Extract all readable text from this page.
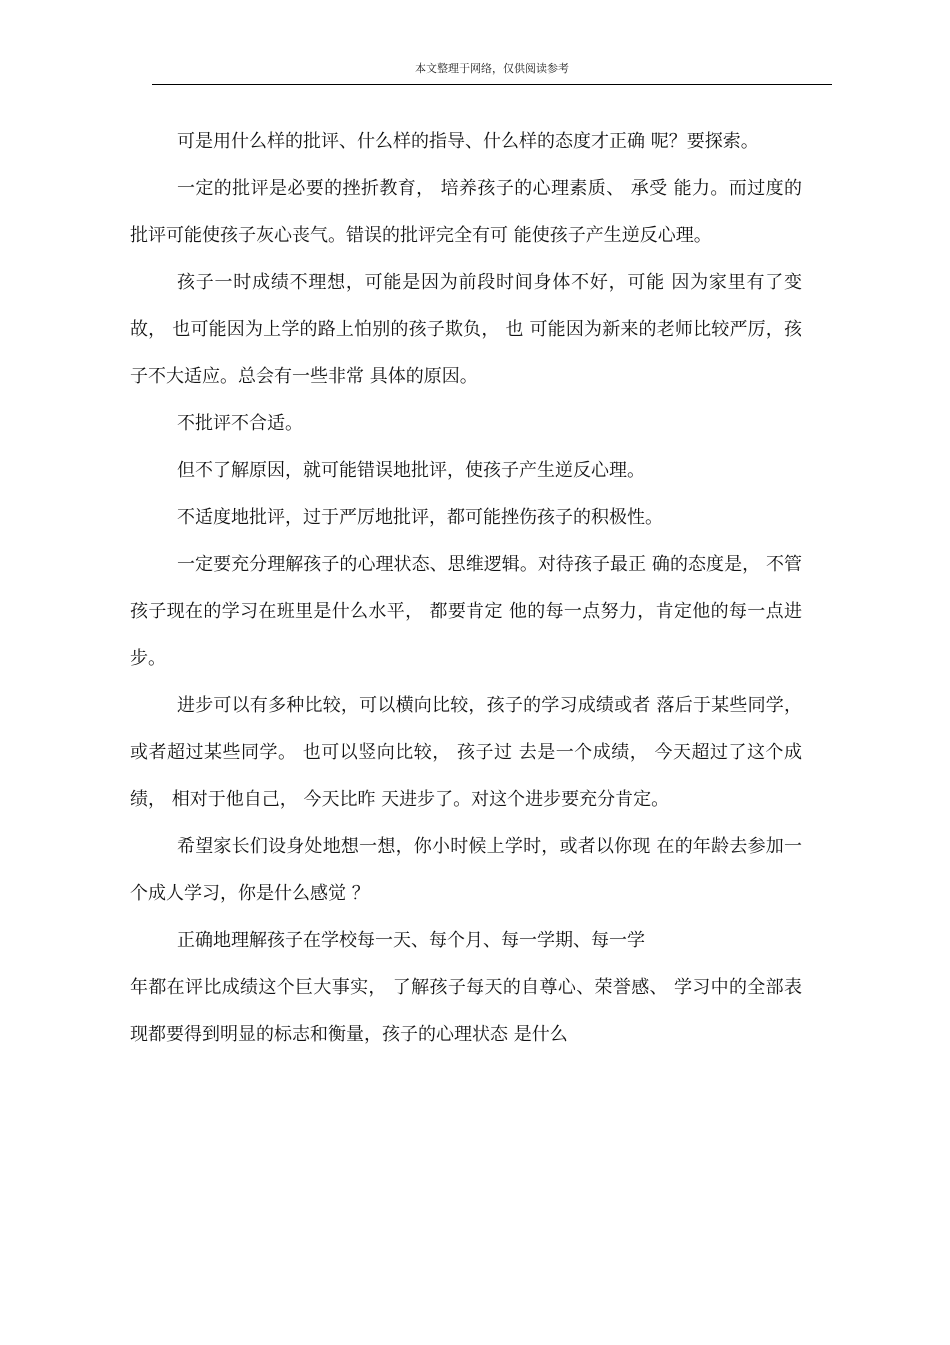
本文整理于网络，仅供阅读参考

可是用什么样的批评、什么样的指导、什么样的态度才正确 呢？要探索。

一定的批评是必要的挫折教育， 培养孩子的心理素质、 承受 能力。而过度的批评可能使孩子灰心丧气。错误的批评完全有可 能使孩子产生逆反心理。

孩子一时成绩不理想，可能是因为前段时间身体不好，可能 因为家里有了变故， 也可能因为上学的路上怕别的孩子欺负， 也 可能因为新来的老师比较严厉，孩子不大适应。总会有一些非常 具体的原因。

不批评不合适。

但不了解原因，就可能错误地批评，使孩子产生逆反心理。

不适度地批评，过于严厉地批评，都可能挫伤孩子的积极性。

一定要充分理解孩子的心理状态、思维逻辑。对待孩子最正 确的态度是， 不管孩子现在的学习在班里是什么水平， 都要肯定 他的每一点努力，肯定他的每一点进步。

进步可以有多种比较，可以横向比较，孩子的学习成绩或者 落后于某些同学， 或者超过某些同学。 也可以竖向比较， 孩子过 去是一个成绩， 今天超过了这个成绩， 相对于他自己， 今天比昨 天进步了。对这个进步要充分肯定。

希望家长们设身处地想一想，你小时候上学时，或者以你现 在的年龄去参加一个成人学习，你是什么感觉 ？

正确地理解孩子在学校每一天、每个月、每一学期、每一学

年都在评比成绩这个巨大事实， 了解孩子每天的自尊心、荣誉感、 学习中的全部表现都要得到明显的标志和衡量，孩子的心理状态 是什么
